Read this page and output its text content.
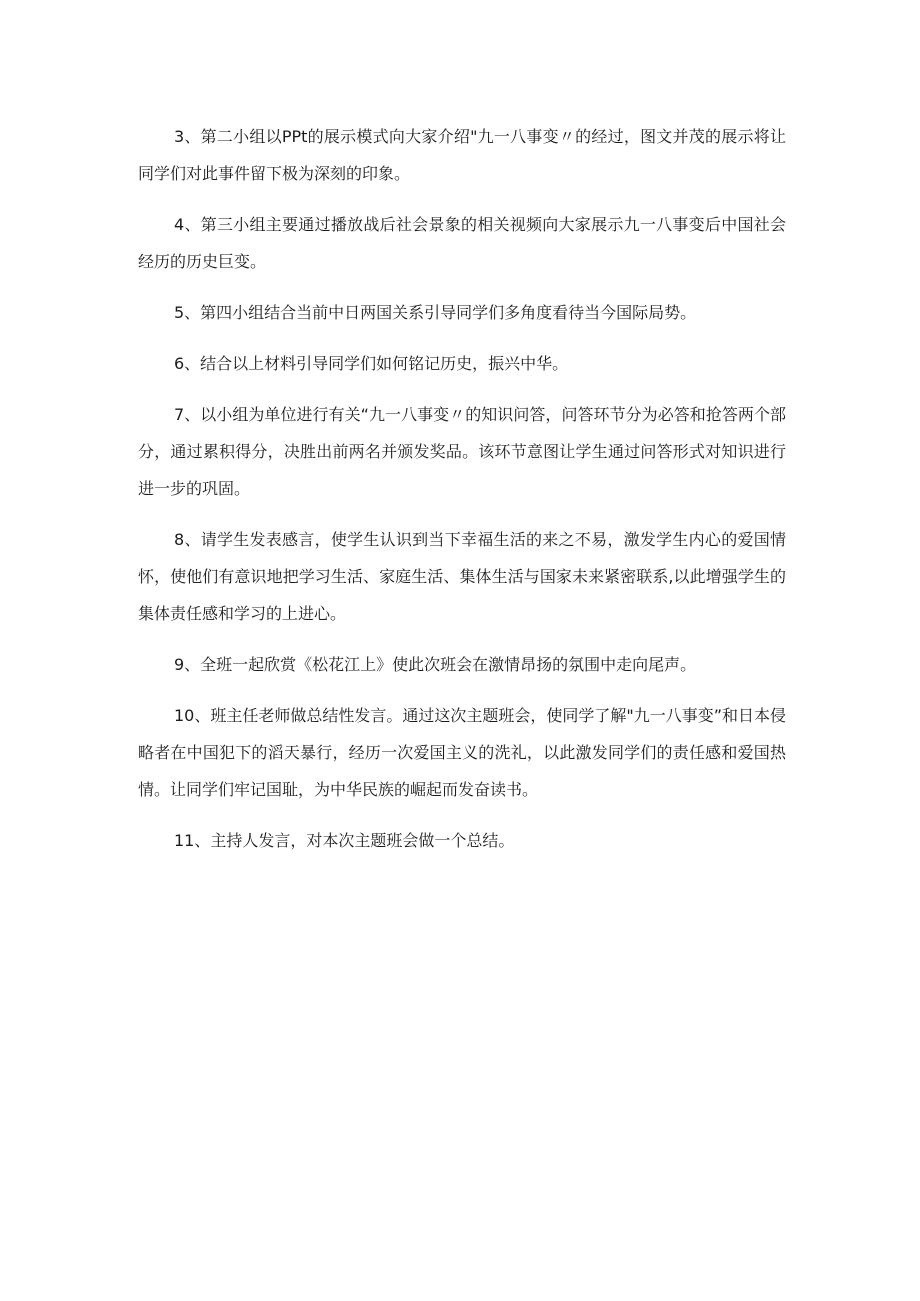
3、第二小组以PPt的展示模式向大家介绍"九一八事变〃的经过，图文并茂的展示将让同学们对此事件留下极为深刻的印象。

4、第三小组主要通过播放战后社会景象的相关视频向大家展示九一八事变后中国社会经历的历史巨变。

5、第四小组结合当前中日两国关系引导同学们多角度看待当今国际局势。

6、结合以上材料引导同学们如何铭记历史，振兴中华。

7、以小组为单位进行有关“九一八事变〃的知识问答，问答环节分为必答和抢答两个部分，通过累积得分，决胜出前两名并颁发奖品。该环节意图让学生通过问答形式对知识进行进一步的巩固。

8、请学生发表感言，使学生认识到当下幸福生活的来之不易，激发学生内心的爱国情怀，使他们有意识地把学习生活、家庭生活、集体生活与国家未来紧密联系,以此增强学生的集体责任感和学习的上进心。

9、全班一起欣赏《松花江上》使此次班会在激情昂扬的氛围中走向尾声。

10、班主任老师做总结性发言。通过这次主题班会，使同学了解"九一八事变”和日本侵略者在中国犯下的滔天暴行，经历一次爱国主义的洗礼，以此激发同学们的责任感和爱国热情。让同学们牢记国耻，为中华民族的崛起而发奋读书。

11、主持人发言，对本次主题班会做一个总结。
